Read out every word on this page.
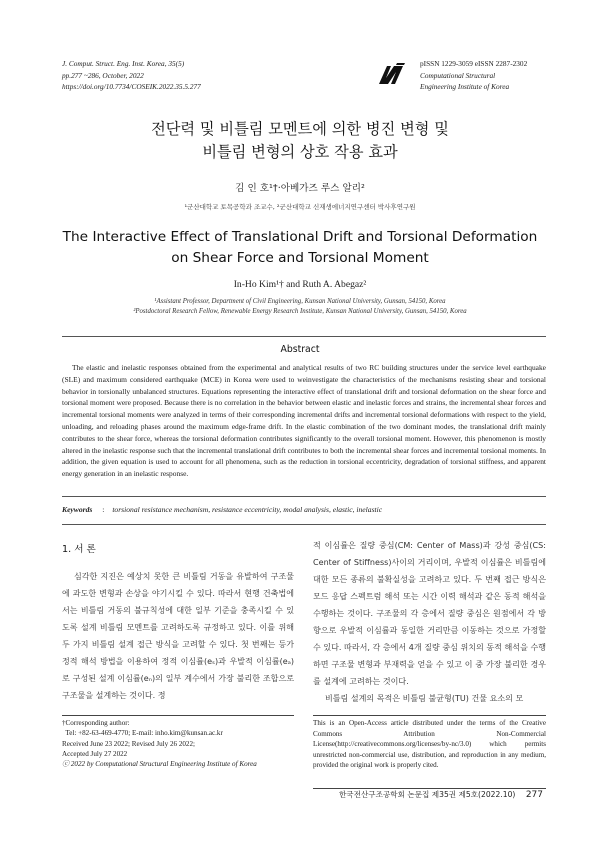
J. Comput. Struct. Eng. Inst. Korea, 35(5)
pp.277 ~286, October, 2022
https://doi.org/10.7734/COSEIK.2022.35.5.277
pISSN 1229-3059 eISSN 2287-2302
Computational Structural
Engineering Institute of Korea
전단력 및 비틀림 모멘트에 의한 병진 변형 및
비틀림 변형의 상호 작용 효과
김 인 호¹†·아베가즈 루스 알리²
¹군산대학교 토목공학과 조교수, ²군산대학교 신재생에너지연구센터 박사후연구원
The Interactive Effect of Translational Drift and Torsional Deformation
on Shear Force and Torsional Moment
In-Ho Kim¹† and Ruth A. Abegaz²
¹Assistant Professor, Department of Civil Engineering, Kunsan National University, Gunsan, 54150, Korea
²Postdoctoral Research Fellow, Renewable Energy Research Institute, Kunsan National University, Gunsan, 54150, Korea
Abstract
The elastic and inelastic responses obtained from the experimental and analytical results of two RC building structures under the service level earthquake (SLE) and maximum considered earthquake (MCE) in Korea were used to weinvestigate the characteristics of the mechanisms resisting shear and torsional behavior in torsionally unbalanced structures. Equations representing the interactive effect of translational drift and torsional deformation on the shear force and torsional moment were proposed. Because there is no correlation in the behavior between elastic and inelastic forces and strains, the incremental shear forces and incremental torsional moments were analyzed in terms of their corresponding incremental drifts and incremental torsional deformations with respect to the yield, unloading, and reloading phases around the maximum edge-frame drift. In the elastic combination of the two dominant modes, the translational drift mainly contributes to the shear force, whereas the torsional deformation contributes significantly to the overall torsional moment. However, this phenomenon is mostly altered in the inelastic response such that the incremental translational drift contributes to both the incremental shear forces and incremental torsional moments. In addition, the given equation is used to account for all phenomena, such as the reduction in torsional eccentricity, degradation of torsional stiffness, and apparent energy generation in an inelastic response.
Keywords : torsional resistance mechanism, resistance eccentricity, modal analysis, elastic, inelastic
1. 서 론
심각한 지진은 예상치 못한 큰 비틀림 거동을 유발하여 구조물에 과도한 변형과 손상을 야기시킬 수 있다. 따라서 현행 건축법에서는 비틀림 거동의 불규칙성에 대한 일부 기준을 충족시킬 수 있도록 설계 비틀림 모멘트를 고려하도록 규정하고 있다. 이를 위해 두 가지 비틀림 설계 접근 방식을 고려할 수 있다. 첫 번째는 등가 정적 해석 방법을 이용하여 정적 이심률(eₛ)과 우발적 이심률(eₐ)로 구성된 설계 이심률(eₙ)의 일부 계수에서 가장 불리한 조합으로 구조물을 설계하는 것이다. 정

적 이심률은 질량 중심(CM: Center of Mass)과 강성 중심(CS: Center of Stiffness)사이의 거리이며, 우발적 이심률은 비틀림에 대한 모든 종류의 불확실성을 고려하고 있다. 두 번째 접근 방식은 모드 응답 스펙트럼 해석 또는 시간 이력 해석과 같은 동적 해석을 수행하는 것이다. 구조물의 각 층에서 질량 중심은 원점에서 각 방향으로 우발적 이심률과 동일한 거리만큼 이동하는 것으로 가정할 수 있다. 따라서, 각 층에서 4개 질량 중심 위치의 동적 해석을 수행하면 구조물 변형과 부재력을 얻을 수 있고 이 중 가장 불리한 경우를 설계에 고려하는 것이다.

비틀림 설계의 목적은 비틀림 불균형(TU) 건물 요소의 모

†Corresponding author:
Tel: +82-63-469-4770; E-mail: inho.kim@kunsan.ac.kr
Received June 23 2022; Revised July 26 2022;
Accepted July 27 2022
ⓒ 2022 by Computational Structural Engineering Institute of Korea
This is an Open-Access article distributed under the terms of the Creative Commons Attribution Non-Commercial License(http://creativecommons.org/licenses/by-nc/3.0) which permits unrestricted non-commercial use, distribution, and reproduction in any medium, provided the original work is properly cited.
한국전산구조공학회 논문집 제35권 제5호(2022.10) 277
